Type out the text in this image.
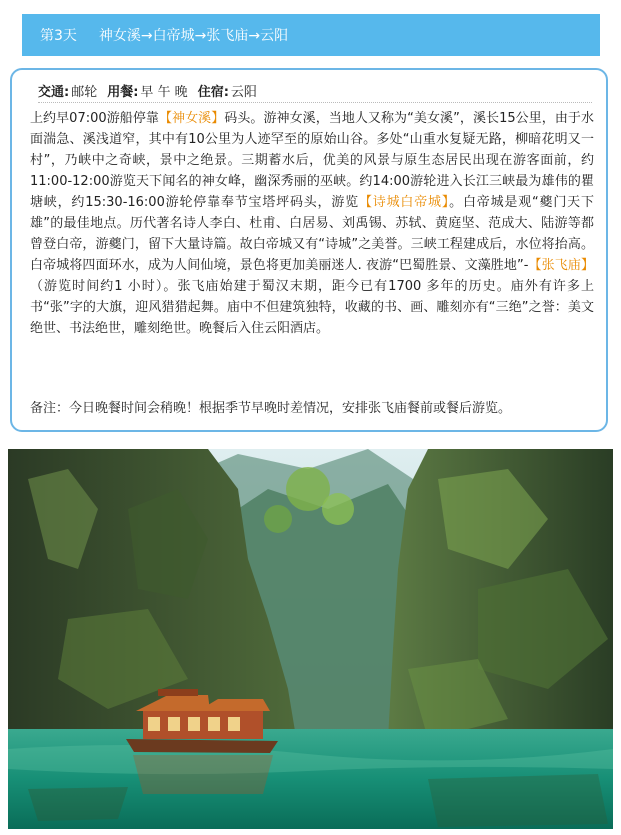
第3天 神女溪→白帝城→张飞庙→云阳
交通: 邮轮 用餐: 早 午 晚 住宿: 云阳
上约早07:00游船停靠【神女溪】码头。游神女溪，当地人又称为“美女溪”，溪长15公里，由于水面湍急、溪浅道窄，其中有10公里为人迹罕至的原始山谷。多处“山重水复疑无路，柳暗花明又一村”，乃峡中之奇峡，景中之绝景。三期蓄水后，优美的风景与原生态居民出现在游客面前，约11:00-12:00游览天下闻名的神女峰，幽深秀丽的巫峡。约14:00游轮进入长江三峡最为雄伟的瞿塘峡，约15:30-16:00游轮停靠奉节宝塔坪码头，游览【诗城白帝城】。白帝城是观“夔门天下雄”的最佳地点。历代著名诗人李白、杜甫、白居易、刘禹锡、苏轼、黄庭坚、范成大、陆游等都曾登白帝，游夔门，留下大量诗篇。故白帝城又有“诗城”之美誉。三峡工程建成后，水位将抬高。白帝城将四面环水，成为人间仙境，景色将更加美丽迷人. 夜游“巴蜀胜景、文藻胜地”-【张飞庙】（游览时间约1 小时）。张飞庙始建于蜀汉末期，距今已有1700 多年的历史。庙外有许多上书“张”字的大旗，迎风猎猎起舞。庙中不但建筑独特，收藏的书、画、雕刻亦有“三绝”之誉：美文绝世、书法绝世，雕刻绝世。晚餐后入住云阳酒店。
备注：今日晚餐时间会稍晚！根据季节早晚时差情况，安排张飞庙餐前或餐后游览。
